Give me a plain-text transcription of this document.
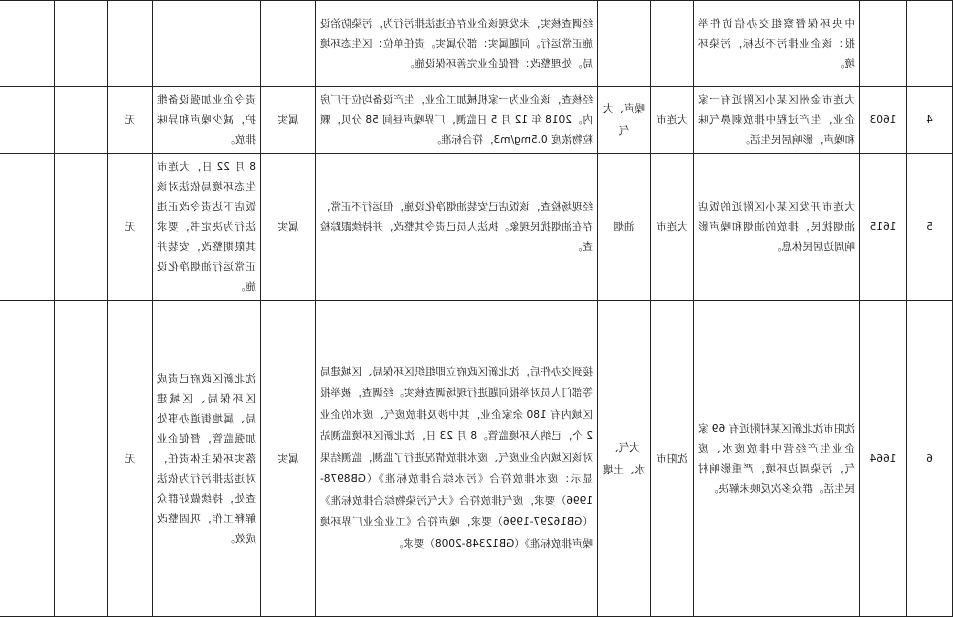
		中央环保督察组交办信访件举报：该企业排污不达标，污染环境。			经调查核实，未发现该企业存在违法排污行为，污染防治设施正常运行。问题属实：部分属实。责任单位：区生态环境局。处理整改：督促企业完善环保设施。					
4	1603	大连市金州区某小区附近有一家企业，生产过程中排放刺鼻气味和噪声，影响居民生活。	大连市	噪声、大气	经核查，该企业为一家机械加工企业，生产设备均位于厂房内。2018 年 12 月 5 日监测，厂界噪声昼间 58 分贝，颗粒物浓度 0.5mg/m3，符合标准。	属实	责令企业加强设备维护，减少噪声和异味排放。	无		
5	1615	大连市开发区某小区附近的饭店油烟扰民，排放的油烟和噪声影响周边居民休息。	大连市	油烟	经现场检查，该饭店已安装油烟净化设施，但运行不正常，存在油烟扰民现象。执法人员已责令其整改，并持续跟踪检查。	属实	8 月 22 日，大连市生态环境局依法对该饭店下达责令改正违法行为决定书，要求其限期整改，安装并正常运行油烟净化设施。	无		
6	1664	沈阳市沈北新区某村附近有 69 家企业生产经营中排放废水、废气，污染周边环境，严重影响村民生活。群众多次反映未解决。	沈阳市	大气、水、土壤	接到交办件后，沈北新区政府立即组织区环保局、区城建局等部门人员对举报问题进行现场调查核实。经调查，被举报区域内有 180 余家企业，其中涉及排放废气、废水的企业 2 个，已纳入环境监管。8 月 23 日，沈北新区环境监测站对该区域内企业废气、废水排放情况进行了监测，监测结果显示：废水排放符合《污水综合排放标准》（GB8978-1996）要求，废气排放符合《大气污染物综合排放标准》（GB16297-1996）要求，噪声符合《工业企业厂界环境噪声排放标准》（GB12348-2008）要求。	属实	沈北新区政府已责成区环保局、区城建局、属地街道办事处加强监管，督促企业落实环保主体责任，对违法排污行为依法查处，持续做好群众解释工作，巩固整改成效。	无		
